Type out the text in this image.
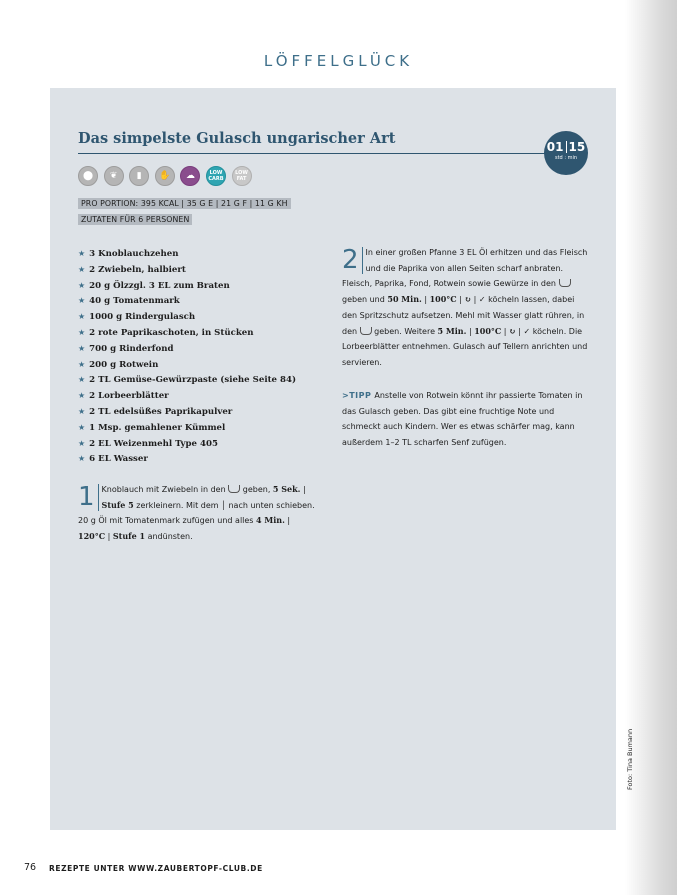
LÖFFELGLÜCK
Das simpelste Gulasch ungarischer Art	01 15
std : min
⬤ ❦ ▮ ✋ ☁	LOW CARB

LOW FAT
PRO PORTION: 395 KCAL | 35 G E | 21 G F | 11 G KH
ZUTATEN FÜR 6 PERSONEN
★ 3 Knoblauchzehen
★ 2 Zwiebeln, halbiert
★ 20 g Ölzzgl. 3 EL zum Braten
★ 40 g Tomatenmark
★ 1000 g Rindergulasch
★ 2 rote Paprikaschoten, in Stücken
★ 700 g Rinderfond
★ 200 g Rotwein
★ 2 TL Gemüse-Gewürzpaste (siehe Seite 84)
★ 2 Lorbeerblätter
★ 2 TL edelsüßes Paprikapulver
★ 1 Msp. gemahlener Kümmel
★ 2 EL Weizenmehl Type 405
★ 6 EL Wasser
1 Knoblauch mit Zwiebeln in den  geben, 5 Sek. | Stufe 5 zerkleinern. Mit dem │ nach unten schieben. 20 g Öl mit Tomatenmark zufügen und alles 4 Min. | 120°C | Stufe 1 andünsten.
2 In einer großen Pfanne 3 EL Öl erhitzen und das Fleisch und die Paprika von allen Seiten scharf anbraten. Fleisch, Paprika, Fond, Rotwein sowie Gewürze in den  geben und 50 Min. | 100°C | ↻ | ✓ köcheln lassen, dabei den Spritzschutz aufsetzen. Mehl mit Wasser glatt rühren, in den  geben. Weitere 5 Min. | 100°C | ↻ | ✓ köcheln. Die Lorbeerblätter entnehmen. Gulasch auf Tellern anrichten und servieren.
>TIPP Anstelle von Rotwein könnt ihr passierte Tomaten in das Gulasch geben. Das gibt eine fruchtige Note und schmeckt auch Kindern. Wer es etwas schärfer mag, kann außerdem 1–2 TL scharfen Senf zufügen.
76 REZEPTE UNTER WWW.ZAUBERTOPF-CLUB.DE
Foto: Tina Bumann
